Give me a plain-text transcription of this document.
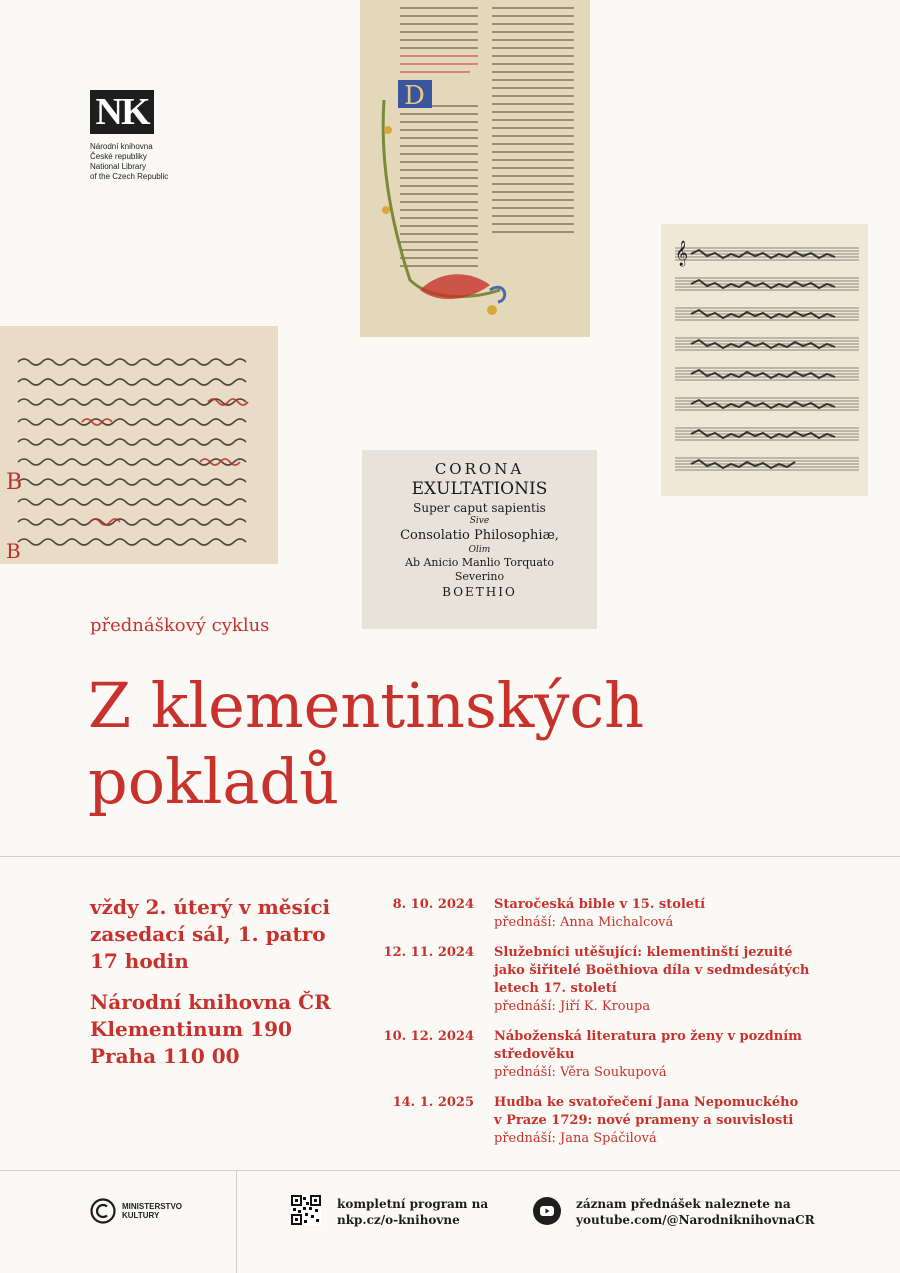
NK
Národní knihovna
České republiky
National Library
of the Czech Republic
D
B
B
𝄞
CORONA
EXULTATIONIS
Super caput sapientis
Sive
Consolatio Philosophiæ,
Olim
Ab Anicio Manlio Torquato
Severino
BOETHIO
přednáškový cyklus
Z klementinských
pokladů
vždy 2. úterý v měsíci
zasedací sál, 1. patro
17 hodin
Národní knihovna ČR
Klementinum 190
Praha 110 00
8. 10. 2024 Staročeská bible v 15. století
přednáší: Anna Michalcová
12. 11. 2024 Služebníci utěšující: klementinští jezuité
jako šiřitelé Boëthiova díla v sedmdesátých
letech 17. století
přednáší: Jiří K. Kroupa
10. 12. 2024 Náboženská literatura pro ženy v pozdním
středověku
přednáší: Věra Soukupová
14. 1. 2025 Hudba ke svatořečení Jana Nepomuckého
v Praze 1729: nové prameny a souvislosti
přednáší: Jana Spáčilová
MINISTERSTVO
KULTURY
kompletní program na
nkp.cz/o-knihovne
záznam přednášek naleznete na
youtube.com/@NarodniknihovnaCR
